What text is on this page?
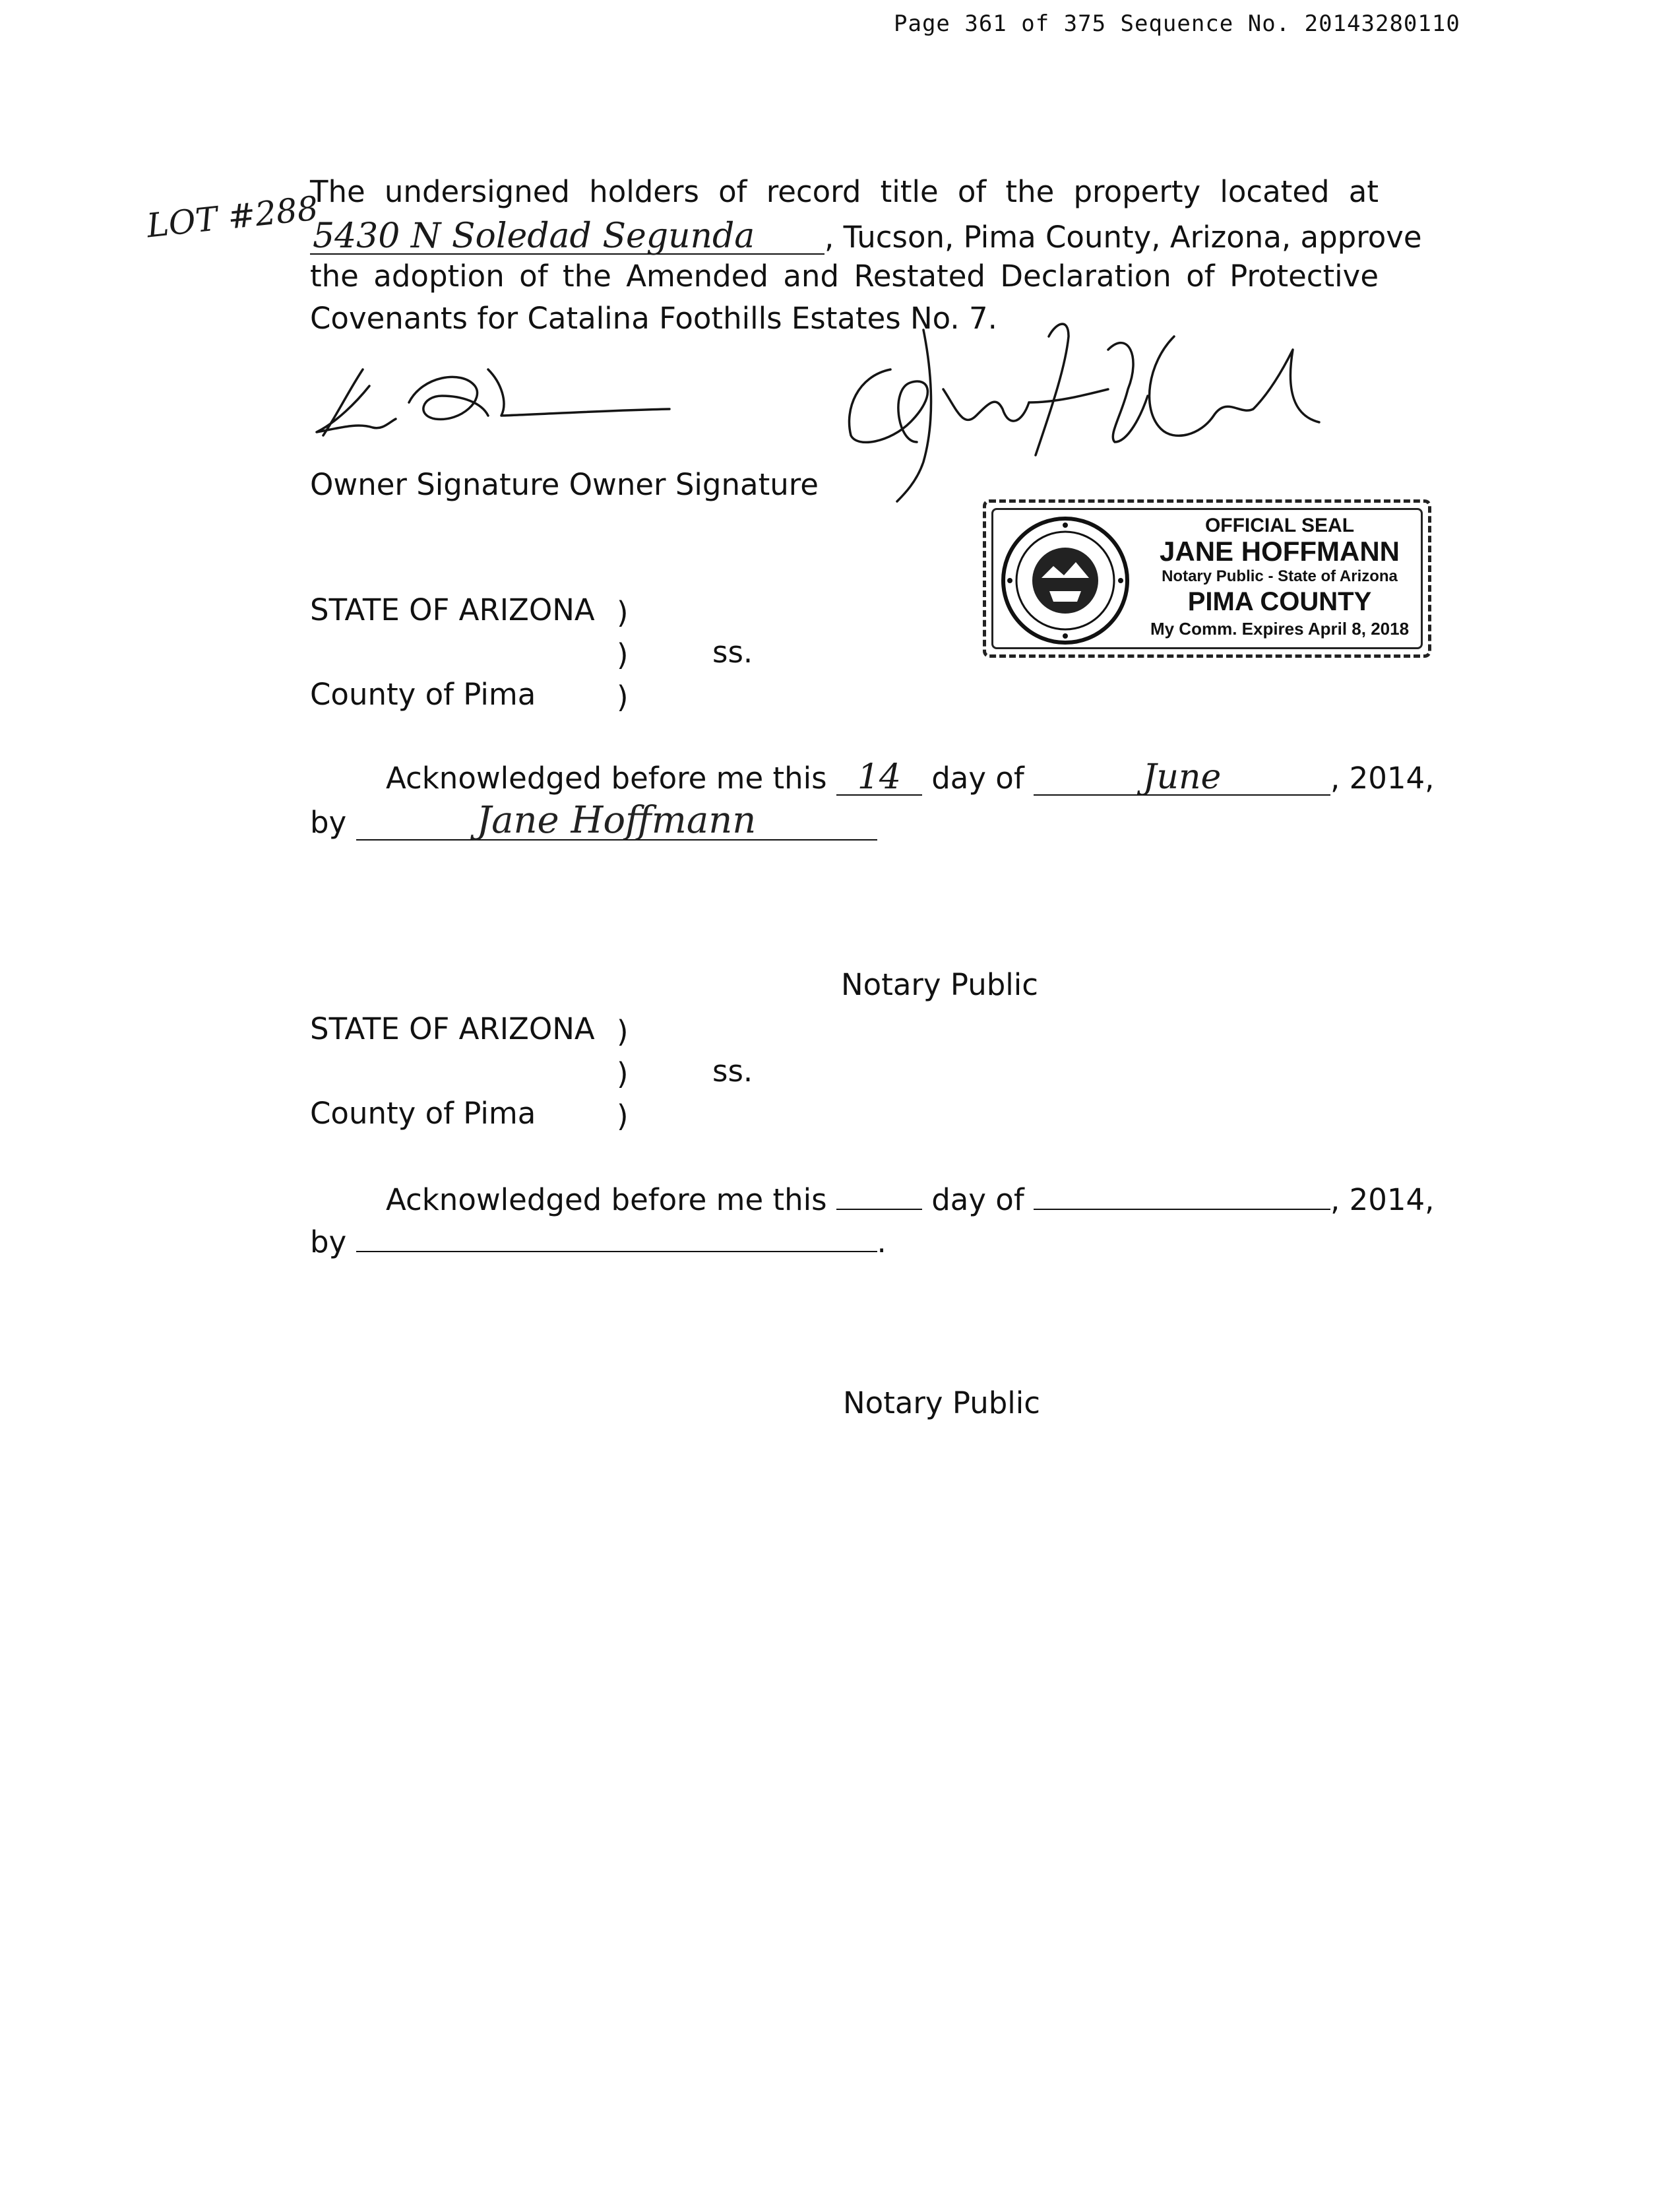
Page 361 of 375 Sequence No. 20143280110
LOT #288
The undersigned holders of record title of the property located at
5430 N Soledad Segunda , Tucson, Pima County, Arizona, approve
the adoption of the Amended and Restated Declaration of Protective
Covenants for Catalina Foothills Estates No. 7.
Owner Signature Owner Signature
OFFICIAL SEAL
JANE HOFFMANN
Notary Public - State of Arizona
PIMA COUNTY
My Comm. Expires April 8, 2018
STATE OF ARIZONA )
)	ss.
County of Pima	)
Acknowledged before me this 14 day of	June	, 2014,
by	Jane Hoffmann
Notary Public
STATE OF ARIZONA )
)	ss.
County of Pima	)
Acknowledged before me this	day of	, 2014,
by	.
Notary Public
